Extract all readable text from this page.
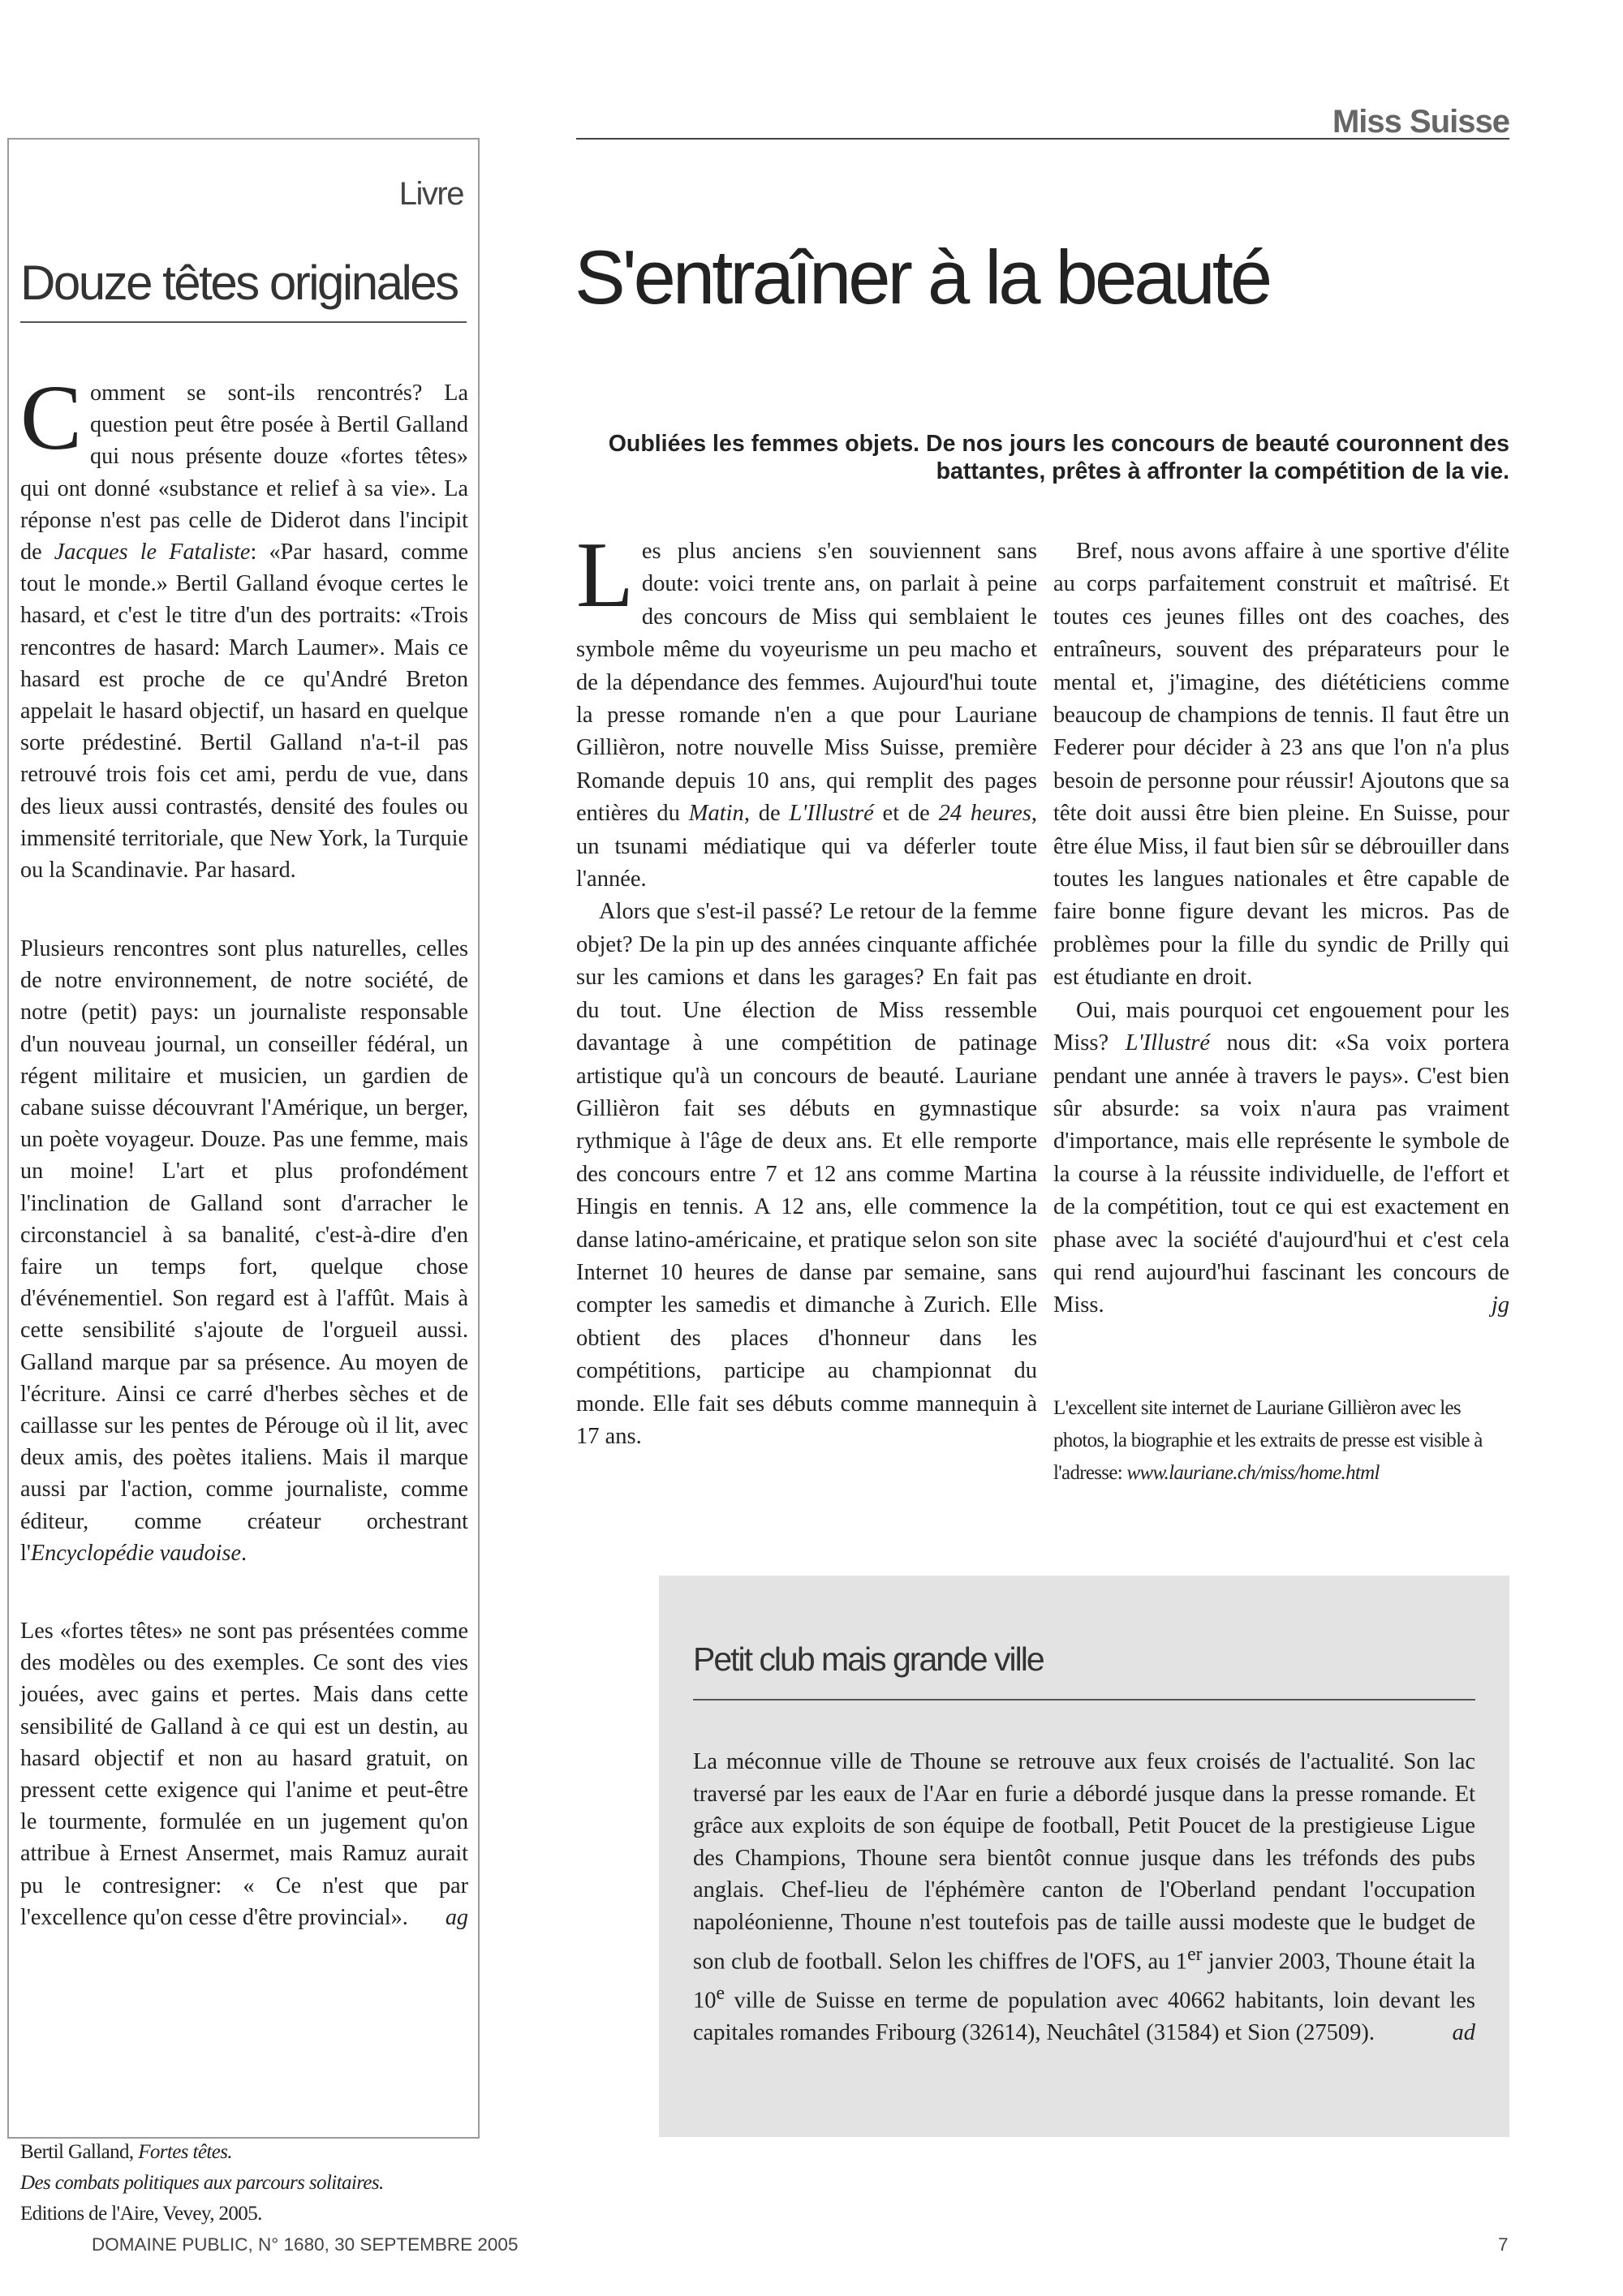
Livre
Douze têtes originales
Comment se sont-ils rencontrés? La question peut être posée à Bertil Galland qui nous présente douze «fortes têtes» qui ont donné «substance et relief à sa vie». La réponse n'est pas celle de Diderot dans l'incipit de Jacques le Fataliste: «Par hasard, comme tout le monde.» Bertil Galland évoque certes le hasard, et c'est le titre d'un des portraits: «Trois rencontres de hasard: March Laumer». Mais ce hasard est proche de ce qu'André Breton appelait le hasard objectif, un hasard en quelque sorte prédestiné. Bertil Galland n'a-t-il pas retrouvé trois fois cet ami, perdu de vue, dans des lieux aussi contrastés, densité des foules ou immensité territoriale, que New York, la Turquie ou la Scandinavie. Par hasard.
Plusieurs rencontres sont plus naturelles, celles de notre environnement, de notre société, de notre (petit) pays: un journaliste responsable d'un nouveau journal, un conseiller fédéral, un régent militaire et musicien, un gardien de cabane suisse découvrant l'Amérique, un berger, un poète voyageur. Douze. Pas une femme, mais un moine! L'art et plus profondément l'inclination de Galland sont d'arracher le circonstanciel à sa banalité, c'est-à-dire d'en faire un temps fort, quelque chose d'événementiel. Son regard est à l'affût. Mais à cette sensibilité s'ajoute de l'orgueil aussi. Galland marque par sa présence. Au moyen de l'écriture. Ainsi ce carré d'herbes sèches et de caillasse sur les pentes de Pérouge où il lit, avec deux amis, des poètes italiens. Mais il marque aussi par l'action, comme journaliste, comme éditeur, comme créateur orchestrant l'Encyclopédie vaudoise.
Les «fortes têtes» ne sont pas présentées comme des modèles ou des exemples. Ce sont des vies jouées, avec gains et pertes. Mais dans cette sensibilité de Galland à ce qui est un destin, au hasard objectif et non au hasard gratuit, on pressent cette exigence qui l'anime et peut-être le tourmente, formulée en un jugement qu'on attribue à Ernest Ansermet, mais Ramuz aurait pu le contresigner: « Ce n'est que par l'excellence qu'on cesse d'être provincial». ag
Bertil Galland, Fortes têtes.
Des combats politiques aux parcours solitaires.
Editions de l'Aire, Vevey, 2005.
Miss Suisse
S'entraîner à la beauté
Oubliées les femmes objets. De nos jours les concours de beauté couronnent des battantes, prêtes à affronter la compétition de la vie.

Les plus anciens s'en souviennent sans doute: voici trente ans, on parlait à peine des concours de Miss qui semblaient le symbole même du voyeurisme un peu macho et de la dépendance des femmes. Aujourd'hui toute la presse romande n'en a que pour Lauriane Gillièron, notre nouvelle Miss Suisse, première Romande depuis 10 ans, qui remplit des pages entières du Matin, de L'Illustré et de 24 heures, un tsunami médiatique qui va déferler toute l'année.

Alors que s'est-il passé? Le retour de la femme objet? De la pin up des années cinquante affichée sur les camions et dans les garages? En fait pas du tout. Une élection de Miss ressemble davantage à une compétition de patinage artistique qu'à un concours de beauté. Lauriane Gillièron fait ses débuts en gymnastique rythmique à l'âge de deux ans. Et elle remporte des concours entre 7 et 12 ans comme Martina Hingis en tennis. A 12 ans, elle commence la danse latino-américaine, et pratique selon son site Internet 10 heures de danse par semaine, sans compter les samedis et dimanche à Zurich. Elle obtient des places d'honneur dans les compétitions, participe au championnat du monde. Elle fait ses débuts comme mannequin à 17 ans.

Bref, nous avons affaire à une sportive d'élite au corps parfaitement construit et maîtrisé. Et toutes ces jeunes filles ont des coaches, des entraîneurs, souvent des préparateurs pour le mental et, j'imagine, des diététiciens comme beaucoup de champions de tennis. Il faut être un Federer pour décider à 23 ans que l'on n'a plus besoin de personne pour réussir! Ajoutons que sa tête doit aussi être bien pleine. En Suisse, pour être élue Miss, il faut bien sûr se débrouiller dans toutes les langues nationales et être capable de faire bonne figure devant les micros. Pas de problèmes pour la fille du syndic de Prilly qui est étudiante en droit.

Oui, mais pourquoi cet engouement pour les Miss? L'Illustré nous dit: «Sa voix portera pendant une année à travers le pays». C'est bien sûr absurde: sa voix n'aura pas vraiment d'importance, mais elle représente le symbole de la course à la réussite individuelle, de l'effort et de la compétition, tout ce qui est exactement en phase avec la société d'aujourd'hui et c'est cela qui rend aujourd'hui fascinant les concours de Miss.	jg

L'excellent site internet de Lauriane Gillièron avec les photos, la biographie et les extraits de presse est visible à l'adresse: www.lauriane.ch/miss/home.html
Petit club mais grande ville
La méconnue ville de Thoune se retrouve aux feux croisés de l'actualité. Son lac traversé par les eaux de l'Aar en furie a débordé jusque dans la presse romande. Et grâce aux exploits de son équipe de football, Petit Poucet de la prestigieuse Ligue des Champions, Thoune sera bientôt connue jusque dans les tréfonds des pubs anglais. Chef-lieu de l'éphémère canton de l'Oberland pendant l'occupation napoléonienne, Thoune n'est toutefois pas de taille aussi modeste que le budget de son club de football. Selon les chiffres de l'OFS, au 1er janvier 2003, Thoune était la 10e ville de Suisse en terme de population avec 40662 habitants, loin devant les capitales romandes Fribourg (32614), Neuchâtel (31584) et Sion (27509).	ad
DOMAINE PUBLIC, N° 1680, 30 SEPTEMBRE 2005	7
